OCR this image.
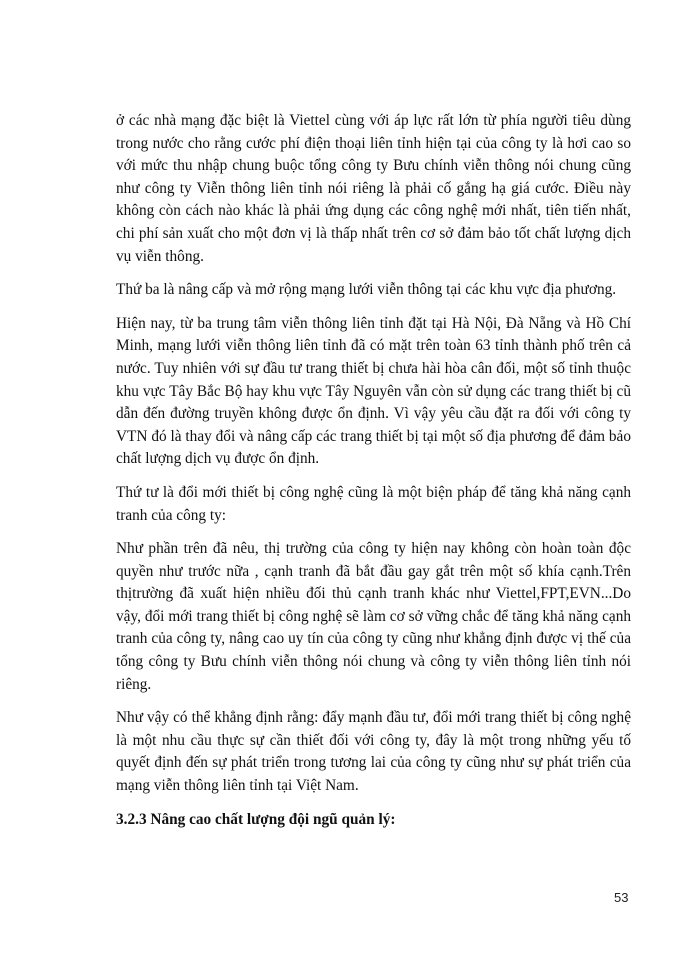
ở các nhà mạng đặc biệt là Viettel cùng với áp lực rất lớn từ phía người tiêu dùng trong nước cho rằng cước phí điện thoại liên tỉnh hiện tại của công ty là hơi cao so với mức thu nhập chung buộc tổng công ty Bưu chính viễn thông nói chung cũng như công ty Viễn thông liên tỉnh nói riêng là phải cố gắng hạ giá cước. Điều này không còn cách nào khác là phải ứng dụng các công nghệ mới nhất, tiên tiến nhất, chi phí sản xuất cho một đơn vị là thấp nhất trên cơ sở đảm bảo tốt chất lượng dịch vụ viễn thông.

Thứ ba là nâng cấp và mở rộng mạng lưới viễn thông tại các khu vực địa phương.

Hiện nay, từ ba trung tâm viễn thông liên tỉnh đặt tại Hà Nội, Đà Nẵng và Hồ Chí Minh, mạng lưới viễn thông liên tỉnh đã có mặt trên toàn 63 tỉnh thành phố trên cả nước. Tuy nhiên với sự đầu tư trang thiết bị chưa hài hòa cân đối, một số tỉnh thuộc khu vực Tây Bắc Bộ hay khu vực Tây Nguyên vẫn còn sử dụng các trang thiết bị cũ dẫn đến đường truyền không được ổn định. Vì vậy yêu cầu đặt ra đối với công ty VTN đó là thay đổi và nâng cấp các trang thiết bị tại một số địa phương để đảm bảo chất lượng dịch vụ được ổn định.

Thứ tư là đổi mới thiết bị công nghệ cũng là một biện pháp để tăng khả năng cạnh tranh của công ty:

Như phần trên đã nêu, thị trường của công ty hiện nay không còn hoàn toàn độc quyền như trước nữa , cạnh tranh đã bắt đầu gay gắt trên một số khía cạnh.Trên thịtrường đã xuất hiện nhiều đối thủ cạnh tranh khác như Viettel,FPT,EVN...Do vậy, đổi mới trang thiết bị công nghệ sẽ làm cơ sở vững chắc để tăng khả năng cạnh tranh của công ty, nâng cao uy tín của công ty cũng như khẳng định được vị thế của tổng công ty Bưu chính viễn thông nói chung và công ty viễn thông liên tỉnh nói riêng.

Như vậy có thể khẳng định rằng: đẩy mạnh đầu tư, đổi mới trang thiết bị công nghệ là một nhu cầu thực sự cần thiết đối với công ty, đây là một trong những yếu tố quyết định đến sự phát triển trong tương lai của công ty cũng như sự phát triển của mạng viễn thông liên tỉnh tại Việt Nam.

3.2.3 Nâng cao chất lượng đội ngũ quản lý:

53
